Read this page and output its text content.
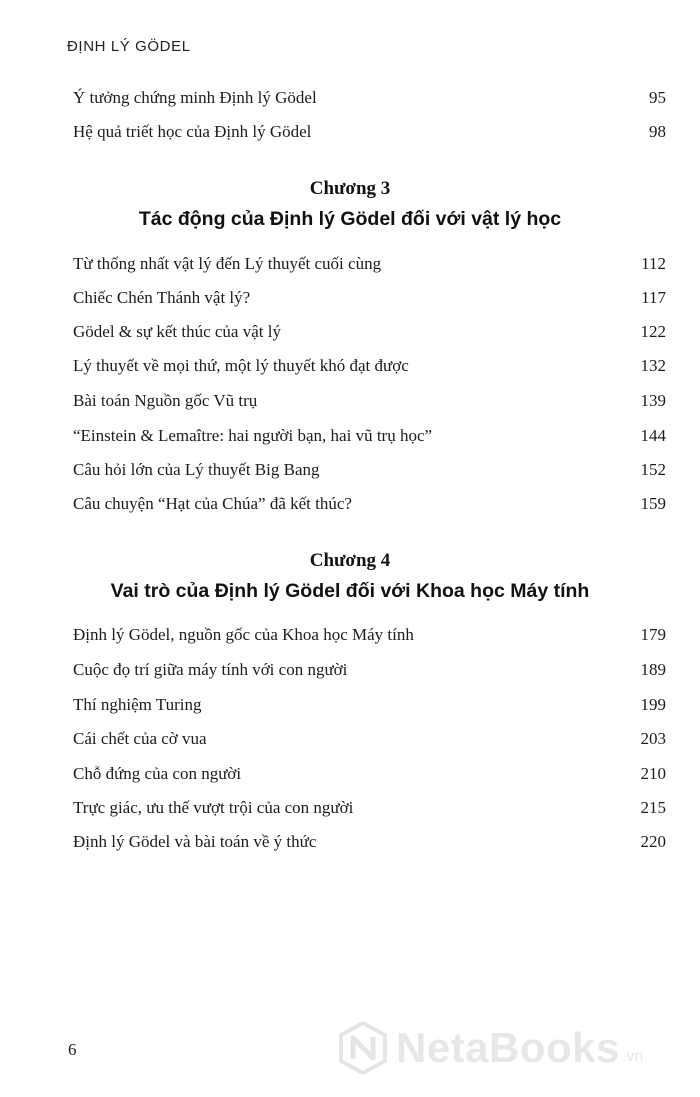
ĐỊNH LÝ GÖDEL
Ý tưởng chứng minh Định lý Gödel	95
Hệ quả triết học của Định lý Gödel	98
Chương 3
Tác động của Định lý Gödel đối với vật lý học
Từ thống nhất vật lý đến Lý thuyết cuối cùng	112
Chiếc Chén Thánh vật lý?	117
Gödel & sự kết thúc của vật lý	122
Lý thuyết về mọi thứ, một lý thuyết khó đạt được	132
Bài toán Nguồn gốc Vũ trụ	139
“Einstein & Lemaître: hai người bạn, hai vũ trụ học”	144
Câu hỏi lớn của Lý thuyết Big Bang	152
Câu chuyện “Hạt của Chúa” đã kết thúc?	159
Chương 4
Vai trò của Định lý Gödel đối với Khoa học Máy tính
Định lý Gödel, nguồn gốc của Khoa học Máy tính	179
Cuộc đọ trí giữa máy tính với con người	189
Thí nghiệm Turing	199
Cái chết của cờ vua	203
Chỗ đứng của con người	210
Trực giác, ưu thế vượt trội của con người	215
Định lý Gödel và bài toán về ý thức	220
6	NetaBooks .vn
